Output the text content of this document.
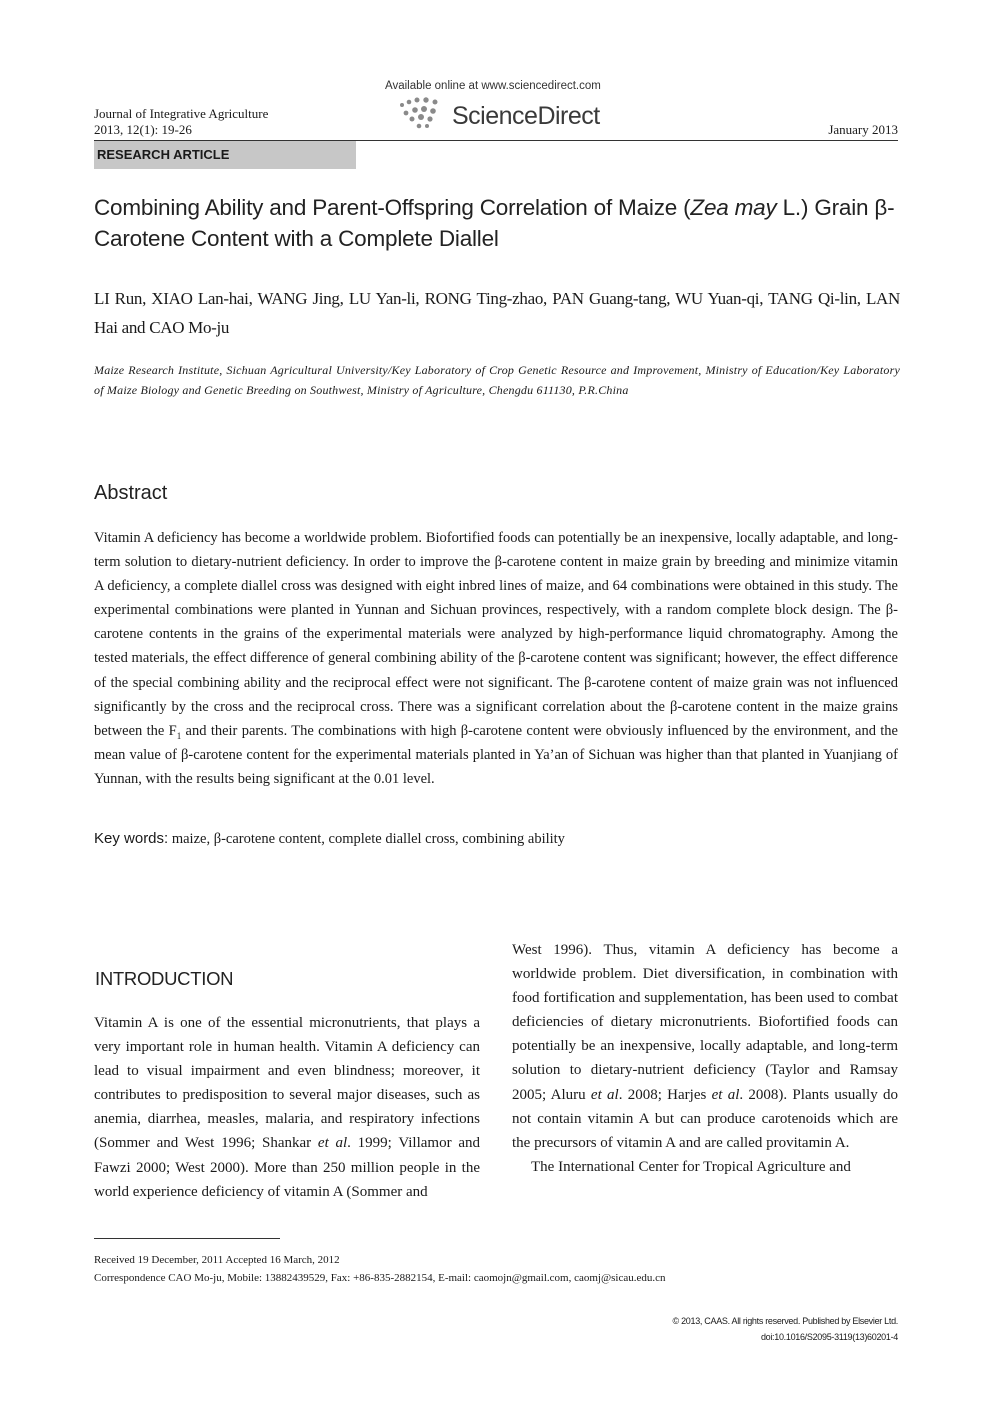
Journal of Integrative Agriculture
2013, 12(1): 19-26
Available online at www.sciencedirect.com
ScienceDirect	January 2013
RESEARCH ARTICLE
Combining Ability and Parent-Offspring Correlation of Maize (Zea may L.) Grain β-Carotene Content with a Complete Diallel
LI Run, XIAO Lan-hai, WANG Jing, LU Yan-li, RONG Ting-zhao, PAN Guang-tang, WU Yuan-qi, TANG Qi-lin, LAN Hai and CAO Mo-ju
Maize Research Institute, Sichuan Agricultural University/Key Laboratory of Crop Genetic Resource and Improvement, Ministry of Education/Key Laboratory of Maize Biology and Genetic Breeding on Southwest, Ministry of Agriculture, Chengdu 611130, P.R.China
Abstract
Vitamin A deficiency has become a worldwide problem. Biofortified foods can potentially be an inexpensive, locally adaptable, and long-term solution to dietary-nutrient deficiency. In order to improve the β-carotene content in maize grain by breeding and minimize vitamin A deficiency, a complete diallel cross was designed with eight inbred lines of maize, and 64 combinations were obtained in this study. The experimental combinations were planted in Yunnan and Sichuan provinces, respectively, with a random complete block design. The β-carotene contents in the grains of the experimental materials were analyzed by high-performance liquid chromatography. Among the tested materials, the effect difference of general combining ability of the β-carotene content was significant; however, the effect difference of the special combining ability and the reciprocal effect were not significant. The β-carotene content of maize grain was not influenced significantly by the cross and the reciprocal cross. There was a significant correlation about the β-carotene content in the maize grains between the $F_1$ and their parents. The combinations with high β-carotene content were obviously influenced by the environment, and the mean value of β-carotene content for the experimental materials planted in Ya’an of Sichuan was higher than that planted in Yuanjiang of Yunnan, with the results being significant at the 0.01 level.
Key words: maize, β-carotene content, complete diallel cross, combining ability
INTRODUCTION

Vitamin A is one of the essential micronutrients, that plays a very important role in human health. Vitamin A deficiency can lead to visual impairment and even blindness; moreover, it contributes to predisposition to several major diseases, such as anemia, diarrhea, measles, malaria, and respiratory infections (Sommer and West 1996; Shankar et al. 1999; Villamor and Fawzi 2000; West 2000). More than 250 million people in the world experience deficiency of vitamin A (Sommer and

West 1996). Thus, vitamin A deficiency has become a worldwide problem. Diet diversification, in combination with food fortification and supplementation, has been used to combat deficiencies of dietary micronutrients. Biofortified foods can potentially be an inexpensive, locally adaptable, and long-term solution to dietary-nutrient deficiency (Taylor and Ramsay 2005; Aluru et al. 2008; Harjes et al. 2008). Plants usually do not contain vitamin A but can produce carotenoids which are the precursors of vitamin A and are called provitamin A.

The International Center for Tropical Agriculture and

Received 19 December, 2011 Accepted 16 March, 2012
Correspondence CAO Mo-ju, Mobile: 13882439529, Fax: +86-835-2882154, E-mail: caomojn@gmail.com, caomj@sicau.edu.cn
© 2013, CAAS. All rights reserved. Published by Elsevier Ltd.
doi:10.1016/S2095-3119(13)60201-4
